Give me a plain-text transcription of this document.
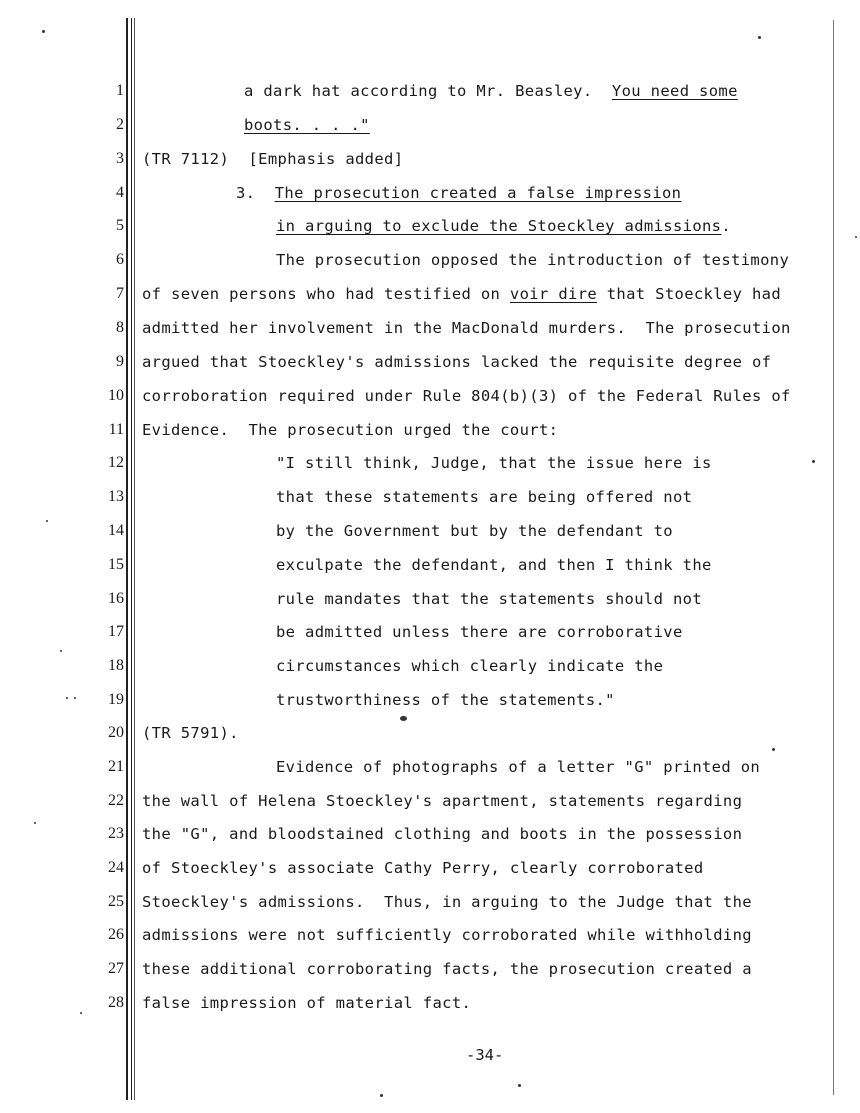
1
2
3
4
5
6
7
8
9
10
11
12
13
14
15
16
17
18
19
20
21
22
23
24
25
26
27
28
a dark hat according to Mr. Beasley.  You need some
boots. . . ."
(TR 7112)  [Emphasis added]
3.  The prosecution created a false impression
in arguing to exclude the Stoeckley admissions.
The prosecution opposed the introduction of testimony
of seven persons who had testified on voir dire that Stoeckley had
admitted her involvement in the MacDonald murders.  The prosecution
argued that Stoeckley's admissions lacked the requisite degree of
corroboration required under Rule 804(b)(3) of the Federal Rules of
Evidence.  The prosecution urged the court:
"I still think, Judge, that the issue here is
that these statements are being offered not
by the Government but by the defendant to
exculpate the defendant, and then I think the
rule mandates that the statements should not
be admitted unless there are corroborative
circumstances which clearly indicate the
trustworthiness of the statements."
(TR 5791).
Evidence of photographs of a letter "G" printed on
the wall of Helena Stoeckley's apartment, statements regarding
the "G", and bloodstained clothing and boots in the possession
of Stoeckley's associate Cathy Perry, clearly corroborated
Stoeckley's admissions.  Thus, in arguing to the Judge that the
admissions were not sufficiently corroborated while withholding
these additional corroborating facts, the prosecution created a
false impression of material fact.
-34-
